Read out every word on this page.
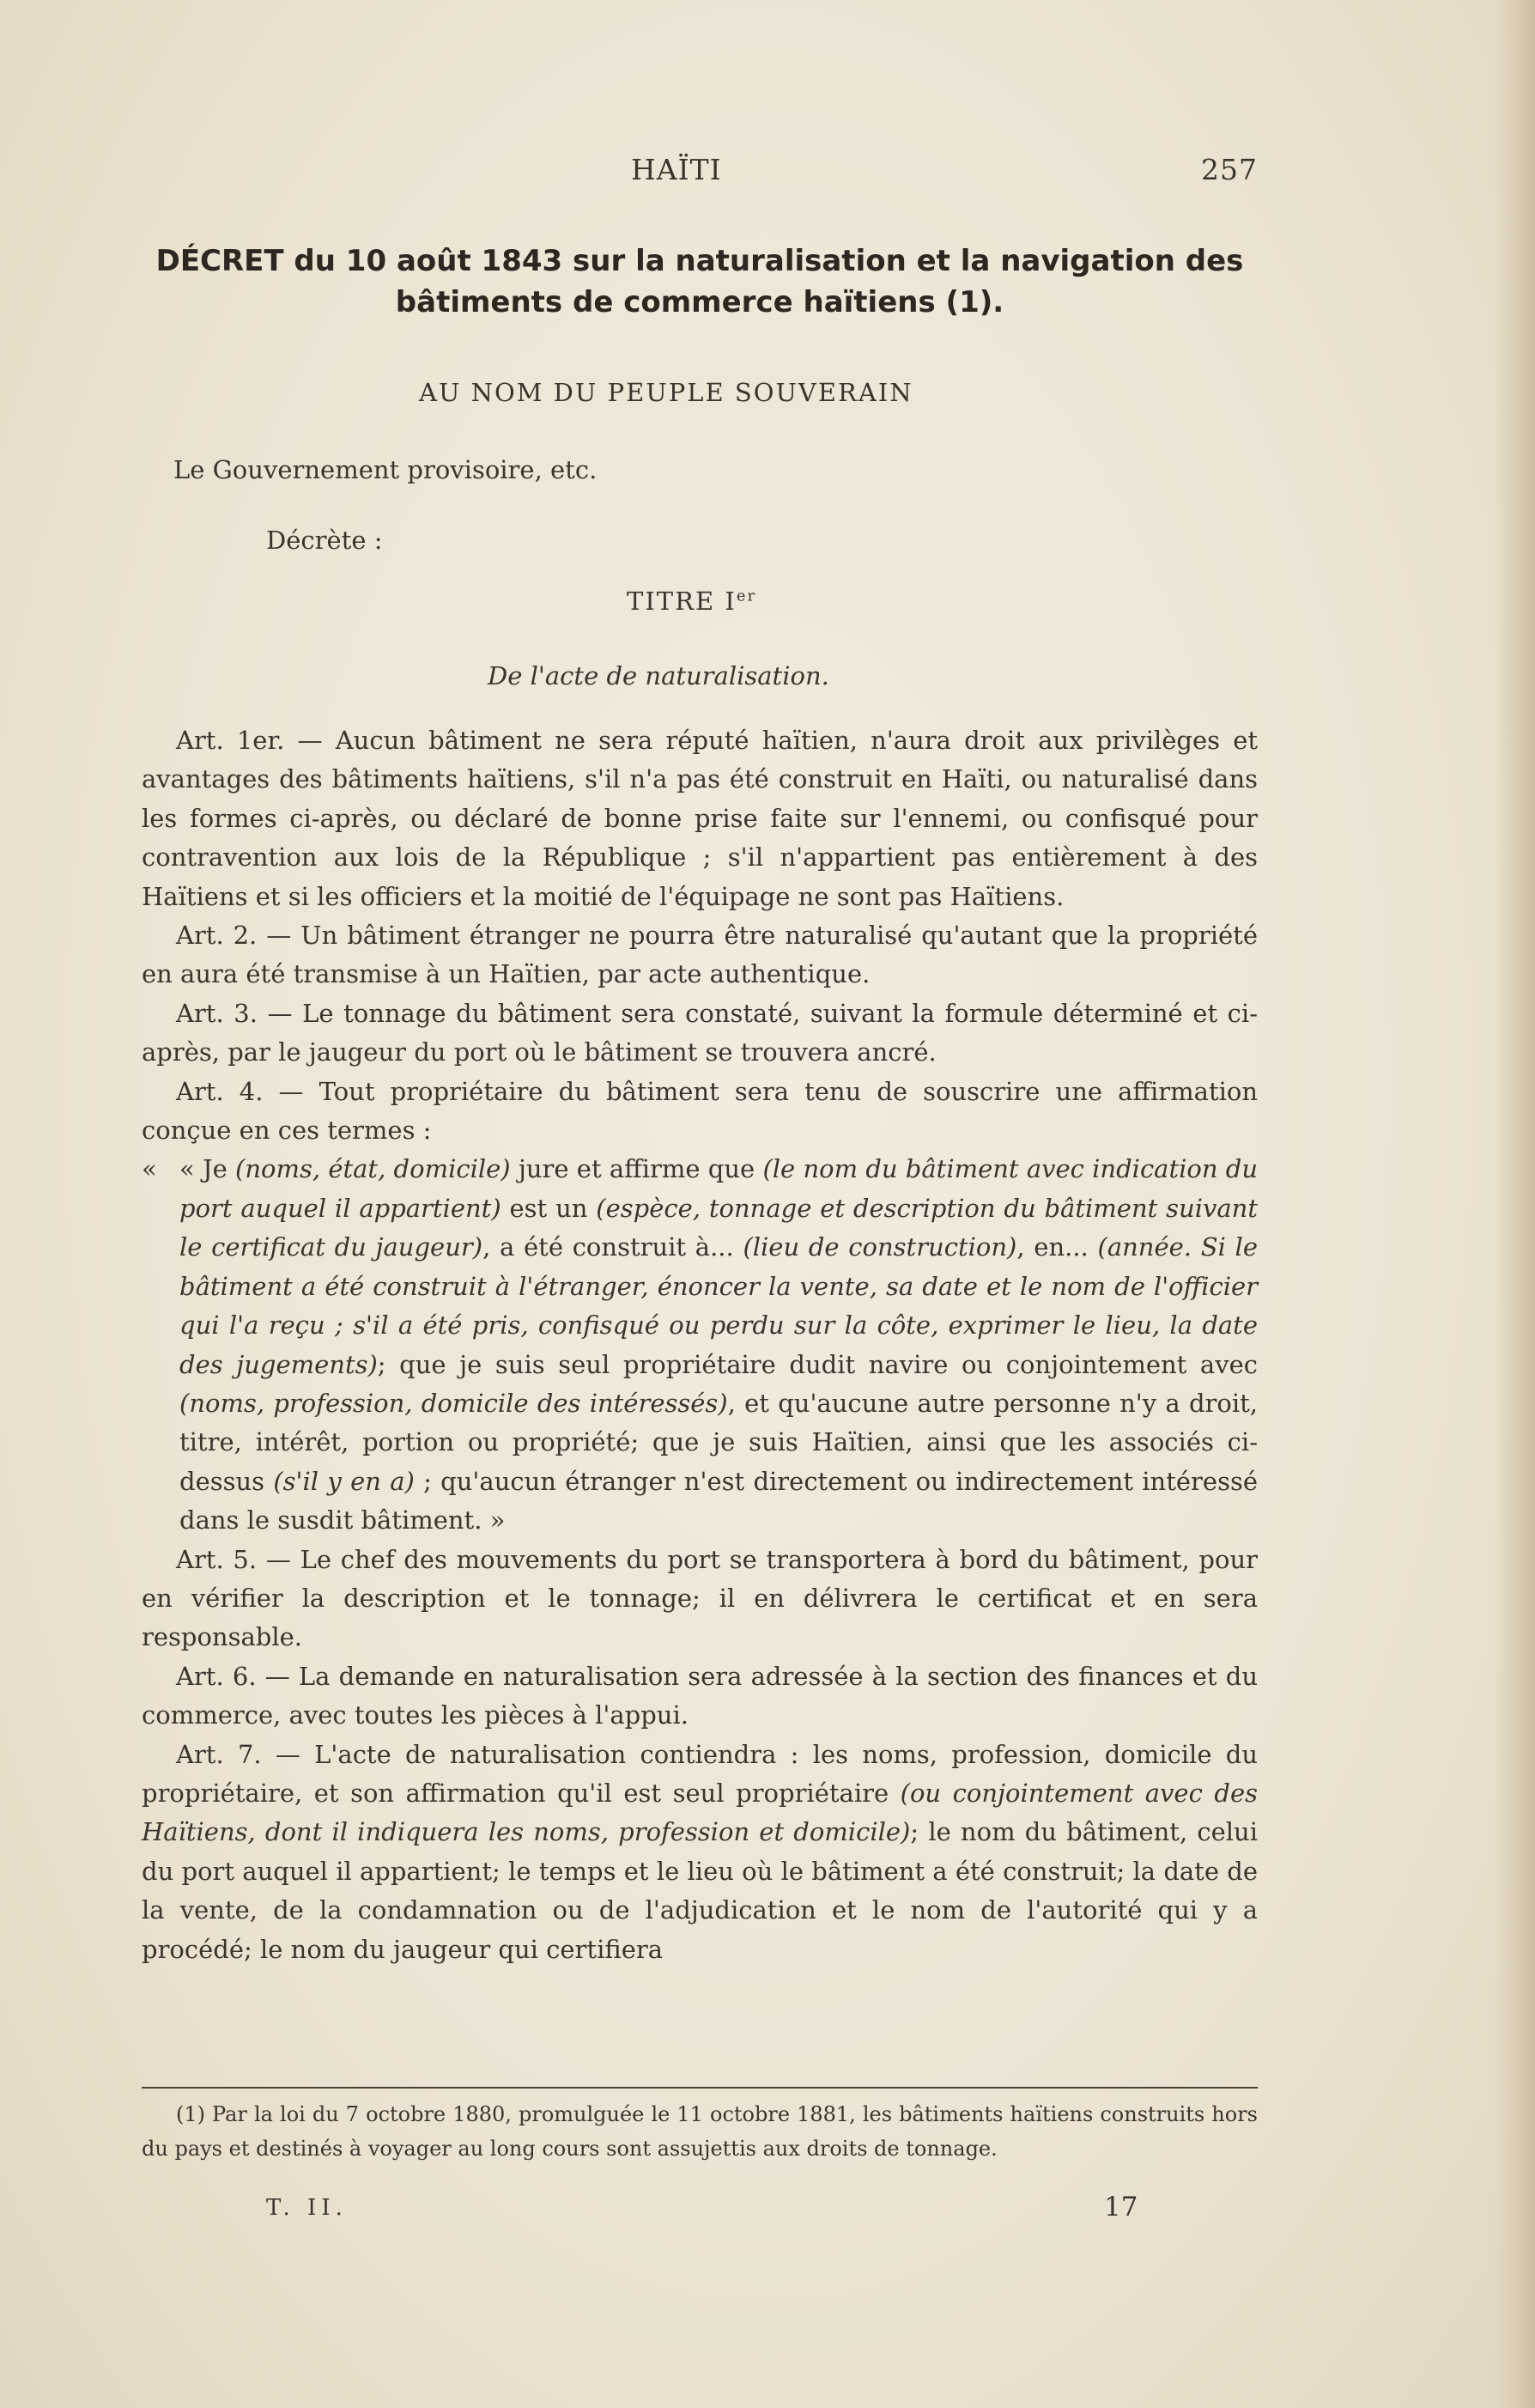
HAÏTI	257
DÉCRET du 10 août 1843 sur la naturalisation et la navigation des bâtiments de commerce haïtiens (1).
AU NOM DU PEUPLE SOUVERAIN
Le Gouvernement provisoire, etc.
Décrète :
TITRE Ier
De l'acte de naturalisation.

Art. 1er. — Aucun bâtiment ne sera réputé haïtien, n'aura droit aux privilèges et avantages des bâtiments haïtiens, s'il n'a pas été construit en Haïti, ou naturalisé dans les formes ci-après, ou déclaré de bonne prise faite sur l'ennemi, ou confisqué pour contravention aux lois de la République ; s'il n'appartient pas entièrement à des Haïtiens et si les officiers et la moitié de l'équipage ne sont pas Haïtiens.

Art. 2. — Un bâtiment étranger ne pourra être naturalisé qu'autant que la propriété en aura été transmise à un Haïtien, par acte authentique.

Art. 3. — Le tonnage du bâtiment sera constaté, suivant la formule déterminé et ci-après, par le jaugeur du port où le bâtiment se trouvera ancré.

Art. 4. — Tout propriétaire du bâtiment sera tenu de souscrire une affirmation conçue en ces termes :

« « Je (noms, état, domicile) jure et affirme que (le nom du bâtiment avec indication du port auquel il appartient) est un (espèce, tonnage et description du bâtiment suivant le certificat du jaugeur), a été construit à... (lieu de construction), en... (année. Si le bâtiment a été construit à l'étranger, énoncer la vente, sa date et le nom de l'officier qui l'a reçu ; s'il a été pris, confisqué ou perdu sur la côte, exprimer le lieu, la date des jugements); que je suis seul propriétaire dudit navire ou conjointement avec (noms, profession, domicile des intéressés), et qu'aucune autre personne n'y a droit, titre, intérêt, portion ou propriété; que je suis Haïtien, ainsi que les associés ci-dessus (s'il y en a) ; qu'aucun étranger n'est directement ou indirectement intéressé dans le susdit bâtiment. »

Art. 5. — Le chef des mouvements du port se transportera à bord du bâtiment, pour en vérifier la description et le tonnage; il en délivrera le certificat et en sera responsable.

Art. 6. — La demande en naturalisation sera adressée à la section des finances et du commerce, avec toutes les pièces à l'appui.

Art. 7. — L'acte de naturalisation contiendra : les noms, profession, domicile du propriétaire, et son affirmation qu'il est seul propriétaire (ou conjointement avec des Haïtiens, dont il indiquera les noms, profession et domicile); le nom du bâtiment, celui du port auquel il appartient; le temps et le lieu où le bâtiment a été construit; la date de la vente, de la condamnation ou de l'adjudication et le nom de l'autorité qui y a procédé; le nom du jaugeur qui certifiera

(1) Par la loi du 7 octobre 1880, promulguée le 11 octobre 1881, les bâtiments haïtiens construits hors du pays et destinés à voyager au long cours sont assujettis aux droits de tonnage.

T. II.	17
